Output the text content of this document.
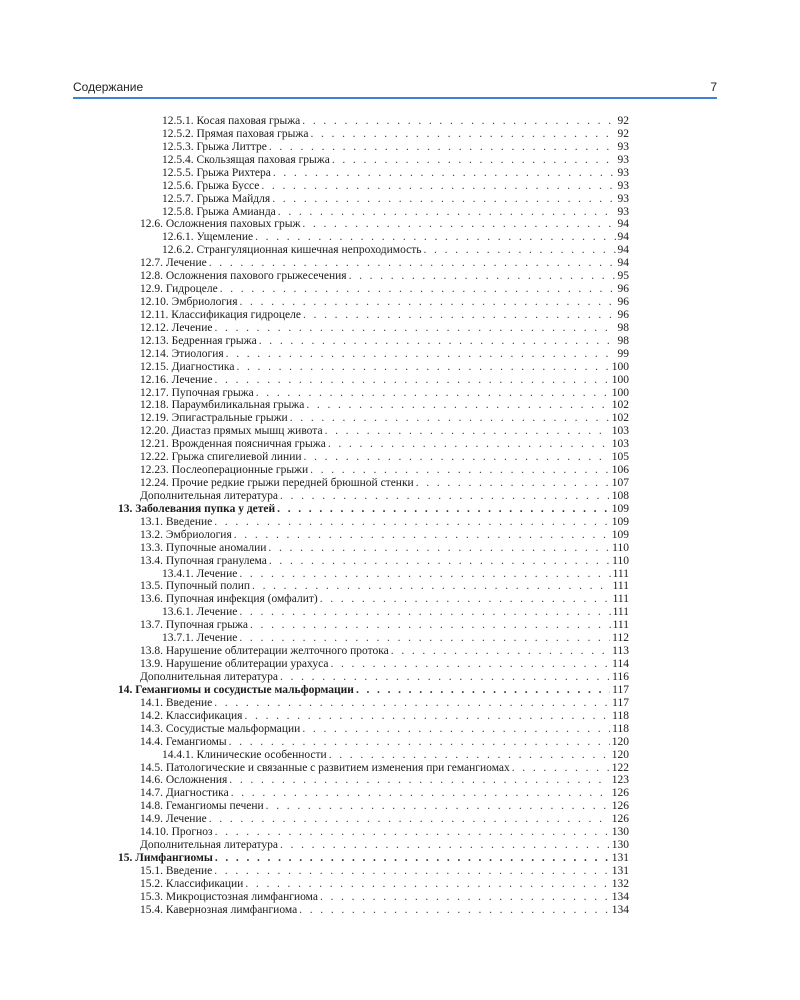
Содержание	7
12.5.1. Косая паховая грыжа . . .	92
12.5.2. Прямая паховая грыжа . . .	92
12.5.3. Грыжа Литтре . . .	93
12.5.4. Скользящая паховая грыжа . . .	93
12.5.5. Грыжа Рихтера . . .	93
12.5.6. Грыжа Буссе . . .	93
12.5.7. Грыжа Майдля . . .	93
12.5.8. Грыжа Амианда . . .	93
12.6. Осложнения паховых грыж . . .	94
12.6.1. Ущемление . . .	94
12.6.2. Странгуляционная кишечная непроходимость . . .	94
12.7. Лечение . . .	94
12.8. Осложнения пахового грыжесечения . . .	95
12.9. Гидроцеле . . .	96
12.10. Эмбриология . . .	96
12.11. Классификация гидроцеле . . .	96
12.12. Лечение . . .	98
12.13. Бедренная грыжа . . .	98
12.14. Этиология . . .	99
12.15. Диагностика . . .	100
12.16. Лечение . . .	100
12.17. Пупочная грыжа . . .	100
12.18. Параумбиликальная грыжа . . .	102
12.19. Эпигастральные грыжи . . .	102
12.20. Диастаз прямых мышц живота . . .	103
12.21. Врожденная поясничная грыжа . . .	103
12.22. Грыжа спигелиевой линии . . .	105
12.23. Послеоперационные грыжи . . .	106
12.24. Прочие редкие грыжи передней брюшной стенки . . .	107
Дополнительная литература . . .	108
13. Заболевания пупка у детей . . .	109
13.1. Введение . . .	109
13.2. Эмбриология . . .	109
13.3. Пупочные аномалии . . .	110
13.4. Пупочная гранулема . . .	110
13.4.1. Лечение . . .	111
13.5. Пупочный полип . . .	111
13.6. Пупочная инфекция (омфалит) . . .	111
13.6.1. Лечение . . .	111
13.7. Пупочная грыжа . . .	111
13.7.1. Лечение . . .	112
13.8. Нарушение облитерации желточного протока . . .	113
13.9. Нарушение облитерации урахуса . . .	114
Дополнительная литература . . .	116
14. Гемангиомы и сосудистые мальформации . . .	117
14.1. Введение . . .	117
14.2. Классификация . . .	118
14.3. Сосудистые мальформации . . .	118
14.4. Гемангиомы . . .	120
14.4.1. Клинические особенности . . .	120
14.5. Патологические и связанные с развитием изменения при гемангиомах . . .	122
14.6. Осложнения . . .	123
14.7. Диагностика . . .	126
14.8. Гемангиомы печени . . .	126
14.9. Лечение . . .	126
14.10. Прогноз . . .	130
Дополнительная литература . . .	130
15. Лимфангиомы . . .	131
15.1. Введение . . .	131
15.2. Классификации . . .	132
15.3. Микроцистозная лимфангиома . . .	134
15.4. Кавернозная лимфангиома . . .	134
